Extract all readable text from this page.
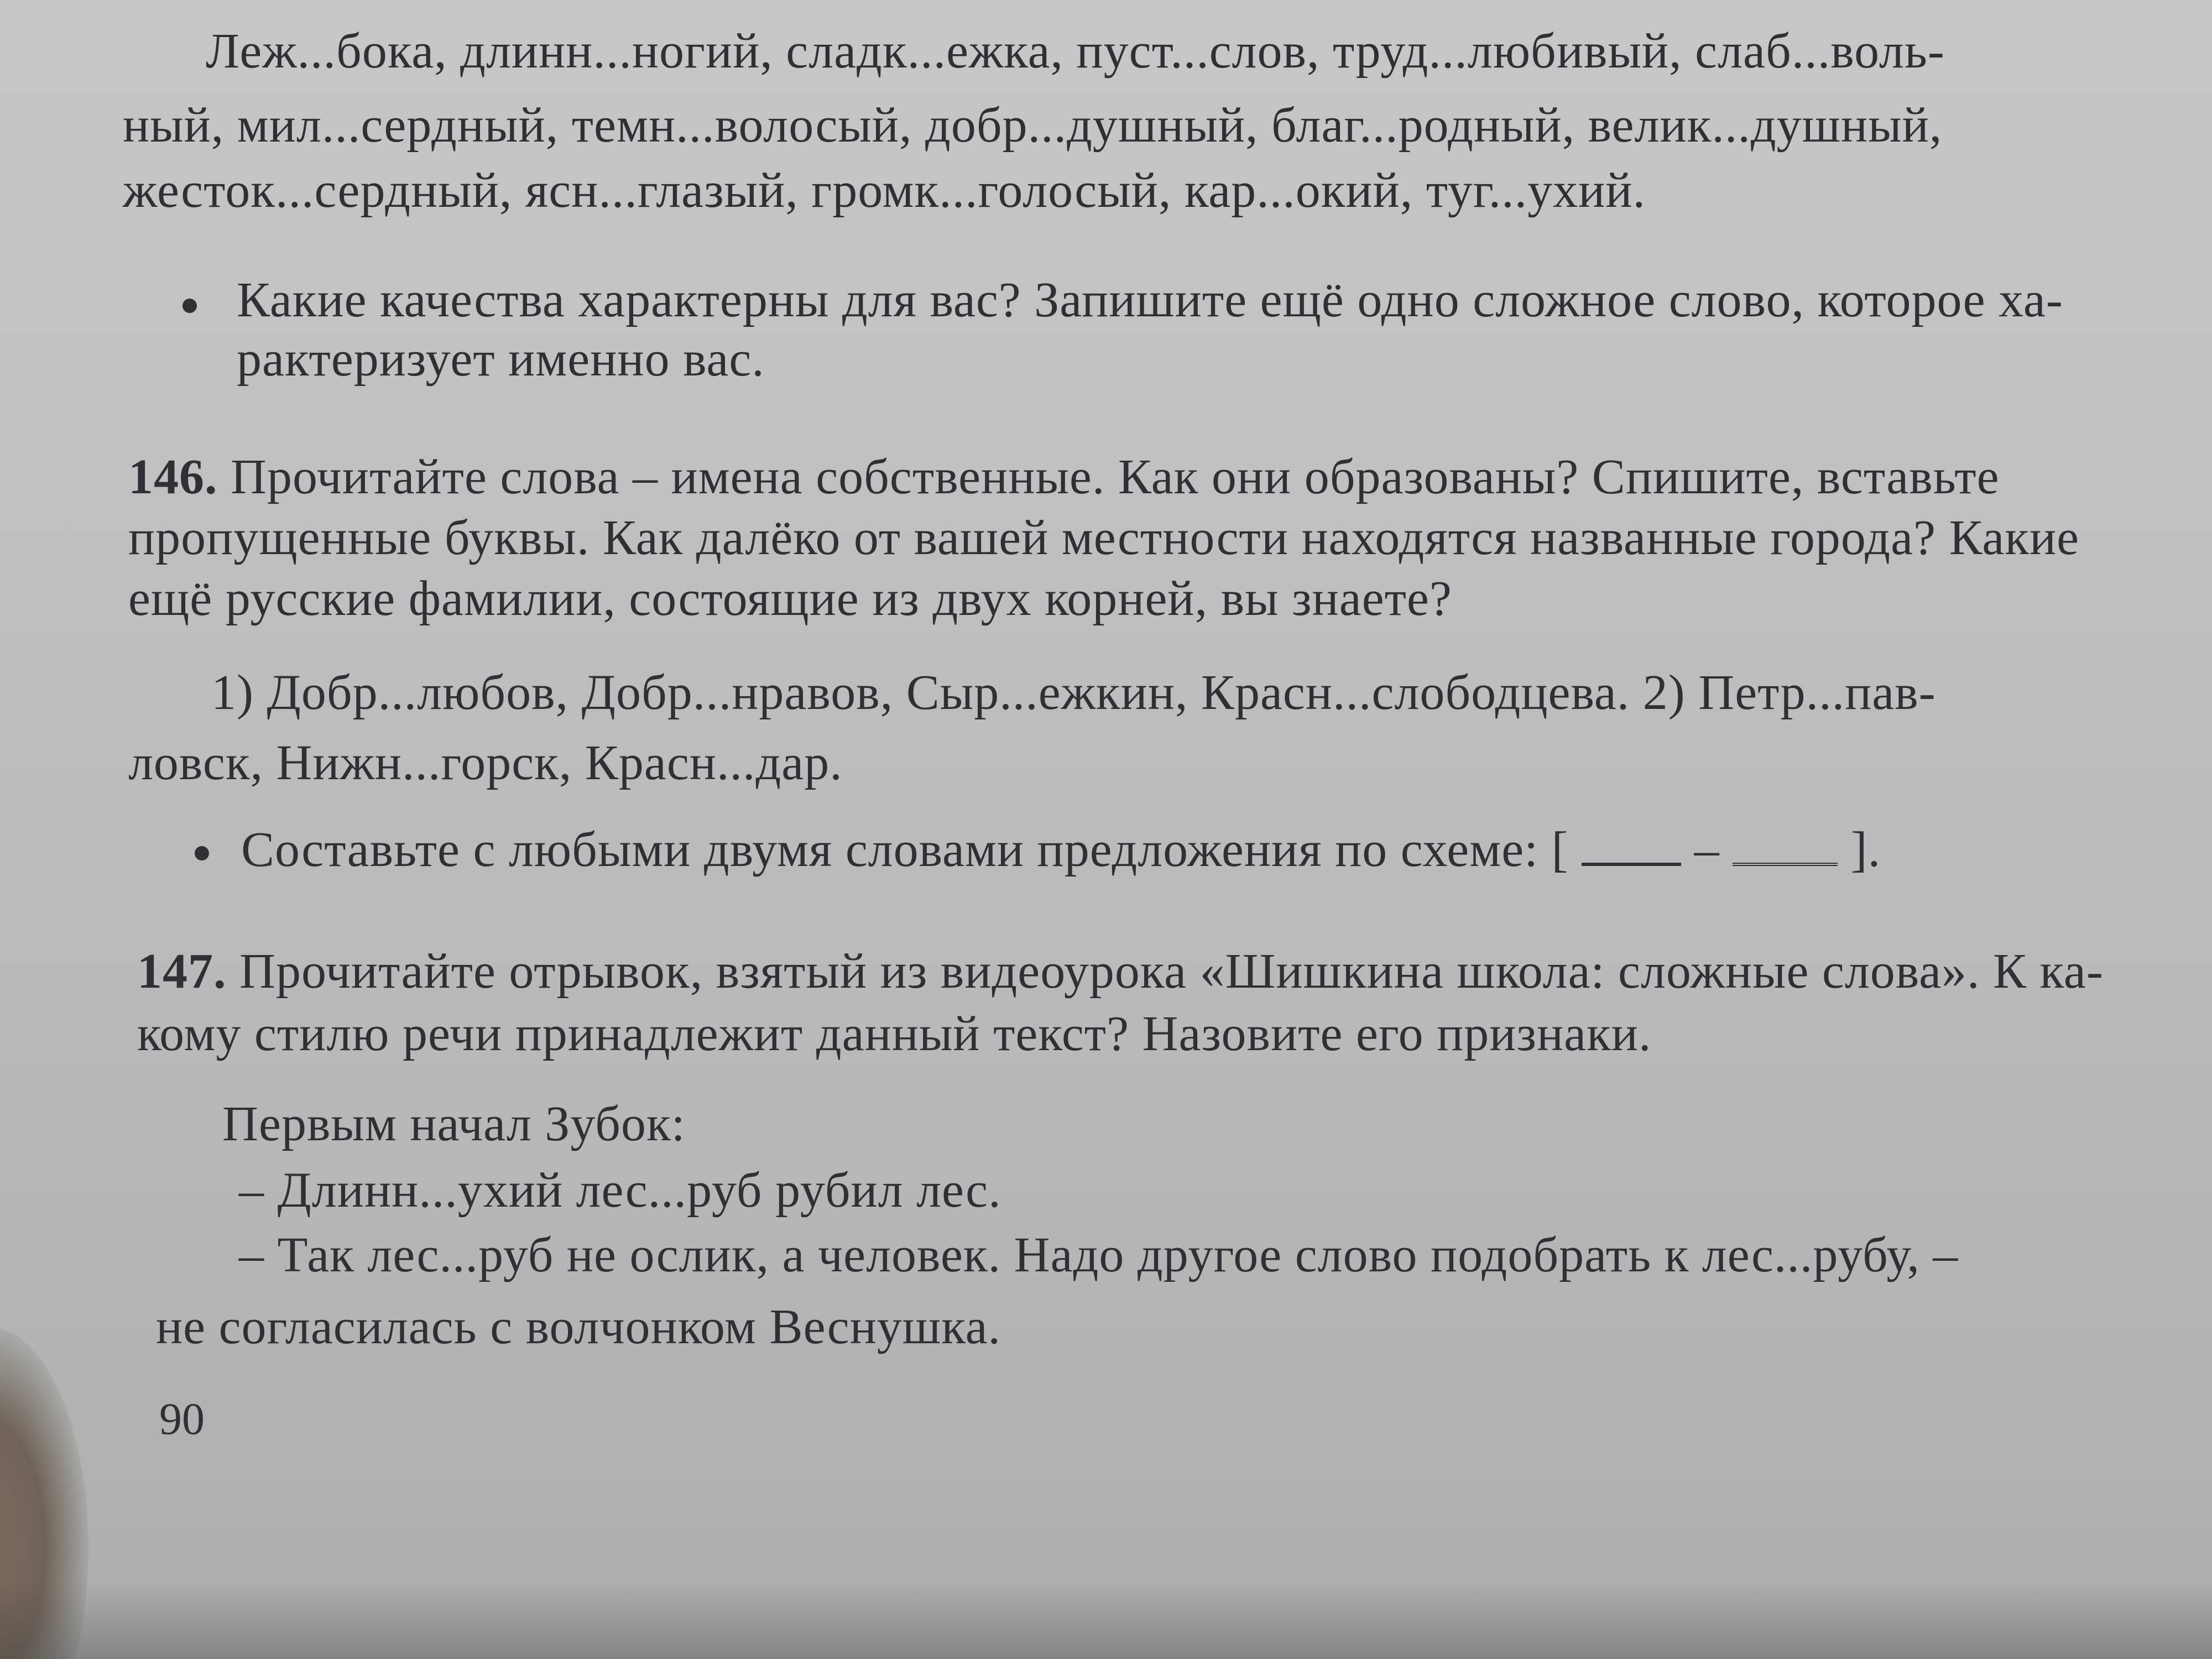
Леж...бока, длинн...ногий, сладк...ежка, пуст...слов, труд...любивый, слаб...воль-
ный, мил...сердный, темн...волосый, добр...душный, благ...родный, велик...душный,
жесток...сердный, ясн...глазый, громк...голосый, кар...окий, туг...ухий.
Какие качества характерны для вас? Запишите ещё одно сложное слово, которое ха-
рактеризует именно вас.
146. Прочитайте слова – имена собственные. Как они образованы? Спишите, вставьте
пропущенные буквы. Как далёко от вашей местности находятся названные города? Какие
ещё русские фамилии, состоящие из двух корней, вы знаете?
1) Добр...любов, Добр...нравов, Сыр...ежкин, Красн...слободцева. 2) Петр...пав-
ловск, Нижн...горск, Красн...дар.
Составьте с любыми двумя словами предложения по схеме: [	–	].
147. Прочитайте отрывок, взятый из видеоурока «Шишкина школа: сложные слова». К ка-
кому стилю речи принадлежит данный текст? Назовите его признаки.
Первым начал Зубок:
– Длинн...ухий лес...руб рубил лес.
– Так лес...руб не ослик, а человек. Надо другое слово подобрать к лес...рубу, –
не согласилась с волчонком Веснушка.
90
